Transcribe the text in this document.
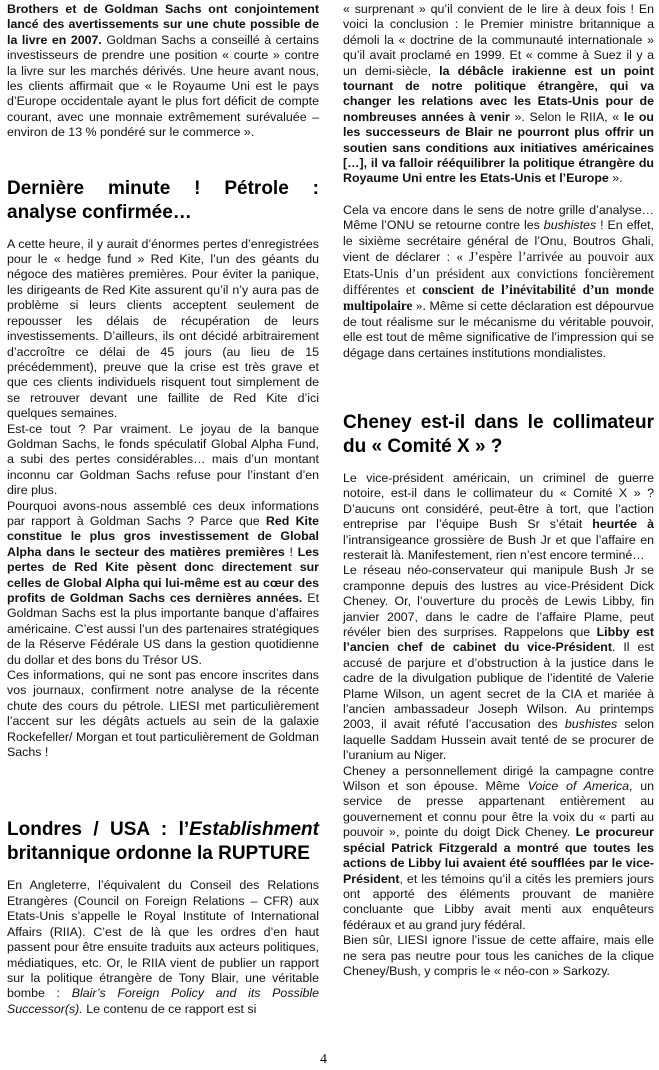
Brothers et de Goldman Sachs ont conjointement lancé des avertissements sur une chute possible de la livre en 2007. Goldman Sachs a conseillé à certains investisseurs de prendre une position « courte » contre la livre sur les marchés dérivés. Une heure avant nous, les clients affirmait que « le Royaume Uni est le pays d’Europe occidentale ayant le plus fort déficit de compte courant, avec une monnaie extrêmement surévaluée – environ de 13 % pondéré sur le commerce ».

Dernière minute ! Pétrole : analyse confirmée…

A cette heure, il y aurait d’énormes pertes d’enregistrées pour le « hedge fund » Red Kite, l’un des géants du négoce des matières premières. Pour éviter la panique, les dirigeants de Red Kite assurent qu’il n’y aura pas de problème si leurs clients acceptent seulement de repousser les délais de récupération de leurs investissements. D’ailleurs, ils ont décidé arbitrairement d’accroître ce délai de 45 jours (au lieu de 15 précédemment), preuve que la crise est très grave et que ces clients individuels risquent tout simplement de se retrouver devant une faillite de Red Kite d’ici quelques semaines.

Est-ce tout ? Par vraiment. Le joyau de la banque Goldman Sachs, le fonds spéculatif Global Alpha Fund, a subi des pertes considérables… mais d’un montant inconnu car Goldman Sachs refuse pour l’instant d’en dire plus.

Pourquoi avons-nous assemblé ces deux informations par rapport à Goldman Sachs ? Parce que Red Kite constitue le plus gros investissement de Global Alpha dans le secteur des matières premières ! Les pertes de Red Kite pèsent donc directement sur celles de Global Alpha qui lui-même est au cœur des profits de Goldman Sachs ces dernières années. Et Goldman Sachs est la plus importante banque d’affaires américaine. C’est aussi l’un des partenaires stratégiques de la Réserve Fédérale US dans la gestion quotidienne du dollar et des bons du Trésor US.

Ces informations, qui ne sont pas encore inscrites dans vos journaux, confirment notre analyse de la récente chute des cours du pétrole. LIESI met particulièrement l’accent sur les dégâts actuels au sein de la galaxie Rockefeller/ Morgan et tout particulièrement de Goldman Sachs !

Londres / USA : l’Establishment britannique ordonne la RUPTURE

En Angleterre, l’équivalent du Conseil des Relations Etrangères (Council on Foreign Relations – CFR) aux Etats-Unis s’appelle le Royal Institute of International Affairs (RIIA). C’est de là que les ordres d’en haut passent pour être ensuite traduits aux acteurs politiques, médiatiques, etc. Or, le RIIA vient de publier un rapport sur la politique étrangère de Tony Blair, une véritable bombe : Blair’s Foreign Policy and its Possible Successor(s). Le contenu de ce rapport est si

« surprenant » qu’il convient de le lire à deux fois ! En voici la conclusion : le Premier ministre britannique a démoli la « doctrine de la communauté internationale » qu’il avait proclamé en 1999. Et « comme à Suez il y a un demi-siècle, la débâcle irakienne est un point tournant de notre politique étrangère, qui va changer les relations avec les Etats-Unis pour de nombreuses années à venir ». Selon le RIIA, « le ou les successeurs de Blair ne pourront plus offrir un soutien sans conditions aux initiatives américaines […], il va falloir rééquilibrer la politique étrangère du Royaume Uni entre les Etats-Unis et l’Europe ».

Cela va encore dans le sens de notre grille d’analyse… Même l’ONU se retourne contre les bushistes ! En effet, le sixième secrétaire général de l’Onu, Boutros Ghali, vient de déclarer : « J’espère l’arrivée au pouvoir aux Etats-Unis d’un président aux convictions foncièrement différentes et conscient de l’inévitabilité d’un monde multipolaire ». Même si cette déclaration est dépourvue de tout réalisme sur le mécanisme du véritable pouvoir, elle est tout de même significative de l’impression qui se dégage dans certaines institutions mondialistes.

Cheney est-il dans le collimateur du « Comité X » ?

Le vice-président américain, un criminel de guerre notoire, est-il dans le collimateur du « Comité X » ? D’aucuns ont considéré, peut-être à tort, que l’action entreprise par l’équipe Bush Sr s’était heurtée à l’intransigeance grossière de Bush Jr et que l’affaire en resterait là. Manifestement, rien n’est encore terminé…

Le réseau néo-conservateur qui manipule Bush Jr se cramponne depuis des lustres au vice-Président Dick Cheney. Or, l’ouverture du procès de Lewis Libby, fin janvier 2007, dans le cadre de l’affaire Plame, peut révéler bien des surprises. Rappelons que Libby est l’ancien chef de cabinet du vice-Président. Il est accusé de parjure et d’obstruction à la justice dans le cadre de la divulgation publique de l’identité de Valerie Plame Wilson, un agent secret de la CIA et mariée à l’ancien ambassadeur Joseph Wilson. Au printemps 2003, il avait réfuté l’accusation des bushistes selon laquelle Saddam Hussein avait tenté de se procurer de l’uranium au Niger.

Cheney a personnellement dirigé la campagne contre Wilson et son épouse. Même Voice of America, un service de presse appartenant entièrement au gouvernement et connu pour être la voix du « parti au pouvoir », pointe du doigt Dick Cheney. Le procureur spécial Patrick Fitzgerald a montré que toutes les actions de Libby lui avaient été soufflées par le vice-Président, et les témoins qu’il a cités les premiers jours ont apporté des éléments prouvant de manière concluante que Libby avait menti aux enquêteurs fédéraux et au grand jury fédéral.

Bien sûr, LIESI ignore l’issue de cette affaire, mais elle ne sera pas neutre pour tous les caniches de la clique Cheney/Bush, y compris le « néo-con » Sarkozy.

4
